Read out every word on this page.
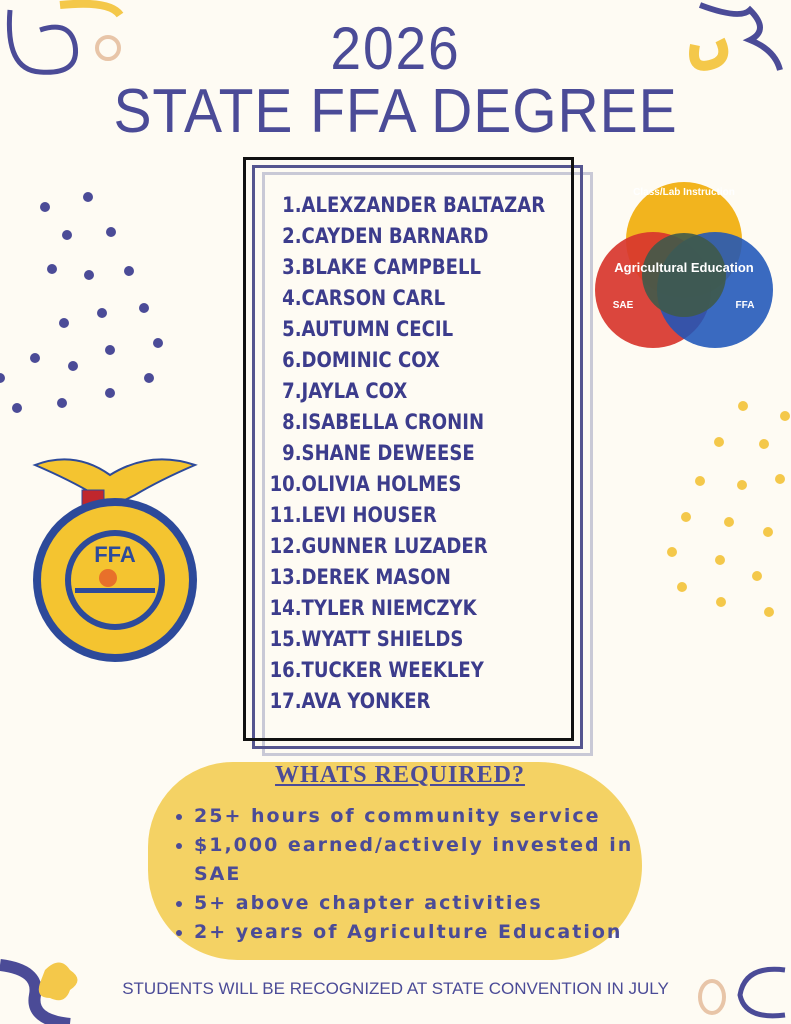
2026
STATE FFA DEGREE
1. ALEXZANDER BALTAZAR
2. CAYDEN BARNARD
3. BLAKE CAMPBELL
4. CARSON CARL
5. AUTUMN CECIL
6. DOMINIC COX
7. JAYLA COX
8. ISABELLA CRONIN
9. SHANE DEWEESE
10. OLIVIA HOLMES
11. LEVI HOUSER
12. GUNNER LUZADER
13. DEREK MASON
14. TYLER NIEMCZYK
15. WYATT SHIELDS
16. TUCKER WEEKLEY
17. AVA YONKER
Class/Lab Instruction
Agricultural Education
SAE	FFA
FFA
WHATS REQUIRED?
• 25+ hours of community service
• $1,000 earned/actively invested in SAE
• 5+ above chapter activities
• 2+ years of Agriculture Education
STUDENTS WILL BE RECOGNIZED AT STATE CONVENTION IN JULY
